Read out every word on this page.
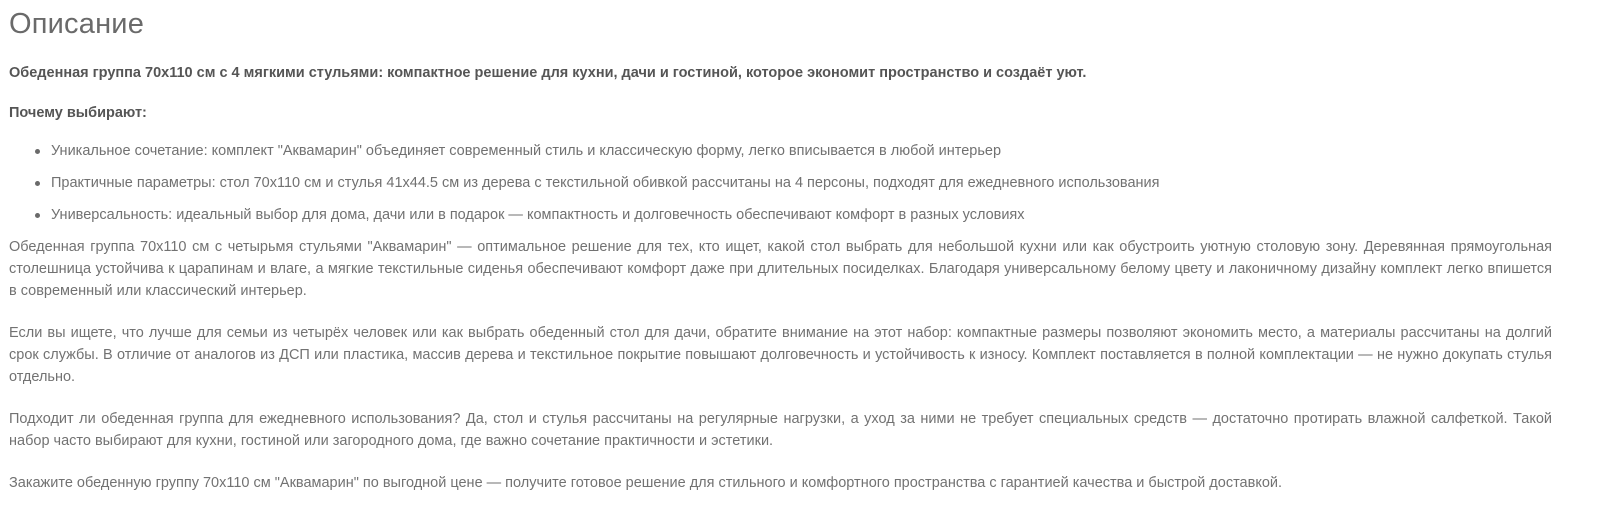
Описание

Обеденная группа 70х110 см с 4 мягкими стульями: компактное решение для кухни, дачи и гостиной, которое экономит пространство и создаёт уют.

Почему выбирают:

Уникальное сочетание: комплект "Аквамарин" объединяет современный стиль и классическую форму, легко вписывается в любой интерьер
Практичные параметры: стол 70х110 см и стулья 41х44.5 см из дерева с текстильной обивкой рассчитаны на 4 персоны, подходят для ежедневного использования
Универсальность: идеальный выбор для дома, дачи или в подарок — компактность и долговечность обеспечивают комфорт в разных условиях

Обеденная группа 70х110 см с четырьмя стульями "Аквамарин" — оптимальное решение для тех, кто ищет, какой стол выбрать для небольшой кухни или как обустроить уютную столовую зону. Деревянная прямоугольная столешница устойчива к царапинам и влаге, а мягкие текстильные сиденья обеспечивают комфорт даже при длительных посиделках. Благодаря универсальному белому цвету и лаконичному дизайну комплект легко впишется в современный или классический интерьер.

Если вы ищете, что лучше для семьи из четырёх человек или как выбрать обеденный стол для дачи, обратите внимание на этот набор: компактные размеры позволяют экономить место, а материалы рассчитаны на долгий срок службы. В отличие от аналогов из ДСП или пластика, массив дерева и текстильное покрытие повышают долговечность и устойчивость к износу. Комплект поставляется в полной комплектации — не нужно докупать стулья отдельно.

Подходит ли обеденная группа для ежедневного использования? Да, стол и стулья рассчитаны на регулярные нагрузки, а уход за ними не требует специальных средств — достаточно протирать влажной салфеткой. Такой набор часто выбирают для кухни, гостиной или загородного дома, где важно сочетание практичности и эстетики.

Закажите обеденную группу 70х110 см "Аквамарин" по выгодной цене — получите готовое решение для стильного и комфортного пространства с гарантией качества и быстрой доставкой.
